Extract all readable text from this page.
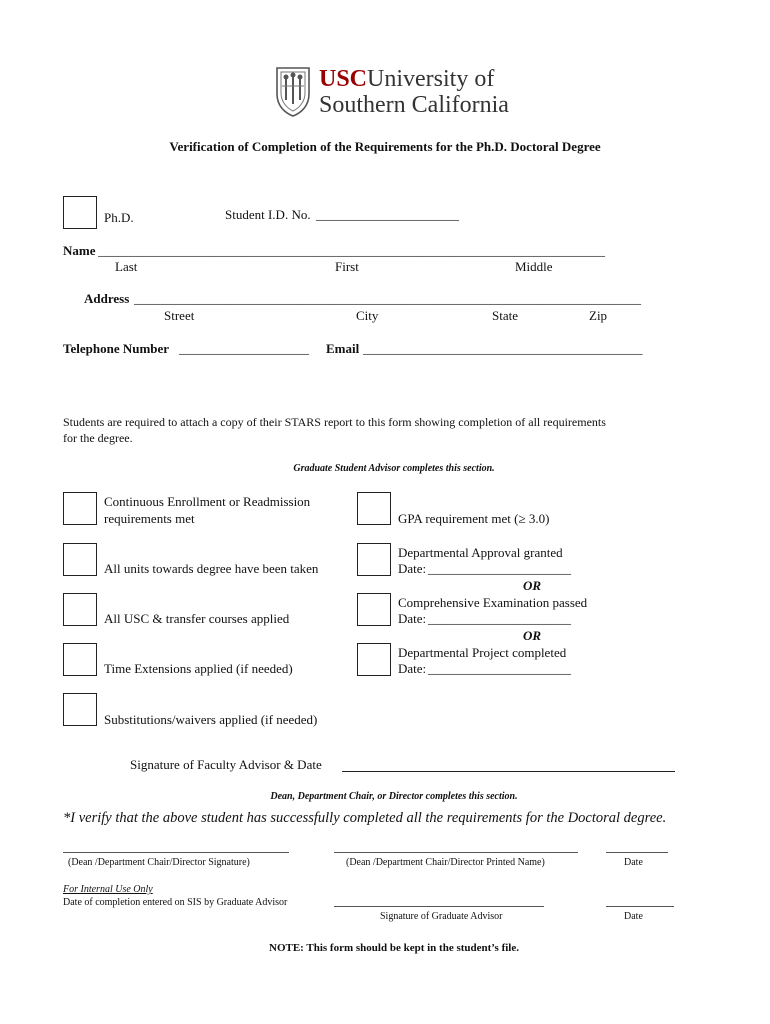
USCUniversity of
Southern California
Verification of Completion of the Requirements for the Ph.D. Doctoral Degree
Ph.D.	Student I.D. No. ______________________
Name ______________________________________________________________________________
Last	First	Middle
Address ______________________________________________________________________________
Street	City	State	Zip
Telephone Number ____________________ Email ___________________________________________
Students are required to attach a copy of their STARS report to this form showing completion of all requirements
for the degree.
Graduate Student Advisor completes this section.
Continuous Enrollment or Readmission
requirements met
All units towards degree have been taken
All USC & transfer courses applied
Time Extensions applied (if needed)
Substitutions/waivers applied (if needed)
GPA requirement met (≥ 3.0)
Departmental Approval granted
Date: ______________________
OR
Comprehensive Examination passed
Date: ______________________
OR
Departmental Project completed
Date: ______________________
Signature of Faculty Advisor & Date
Dean, Department Chair, or Director completes this section.
*I verify that the above student has successfully completed all the requirements for the Doctoral degree.
(Dean /Department Chair/Director Signature)	(Dean /Department Chair/Director Printed Name)	Date
For Internal Use Only
Date of completion entered on SIS by Graduate Advisor
Signature of Graduate Advisor	Date
NOTE: This form should be kept in the student’s file.
